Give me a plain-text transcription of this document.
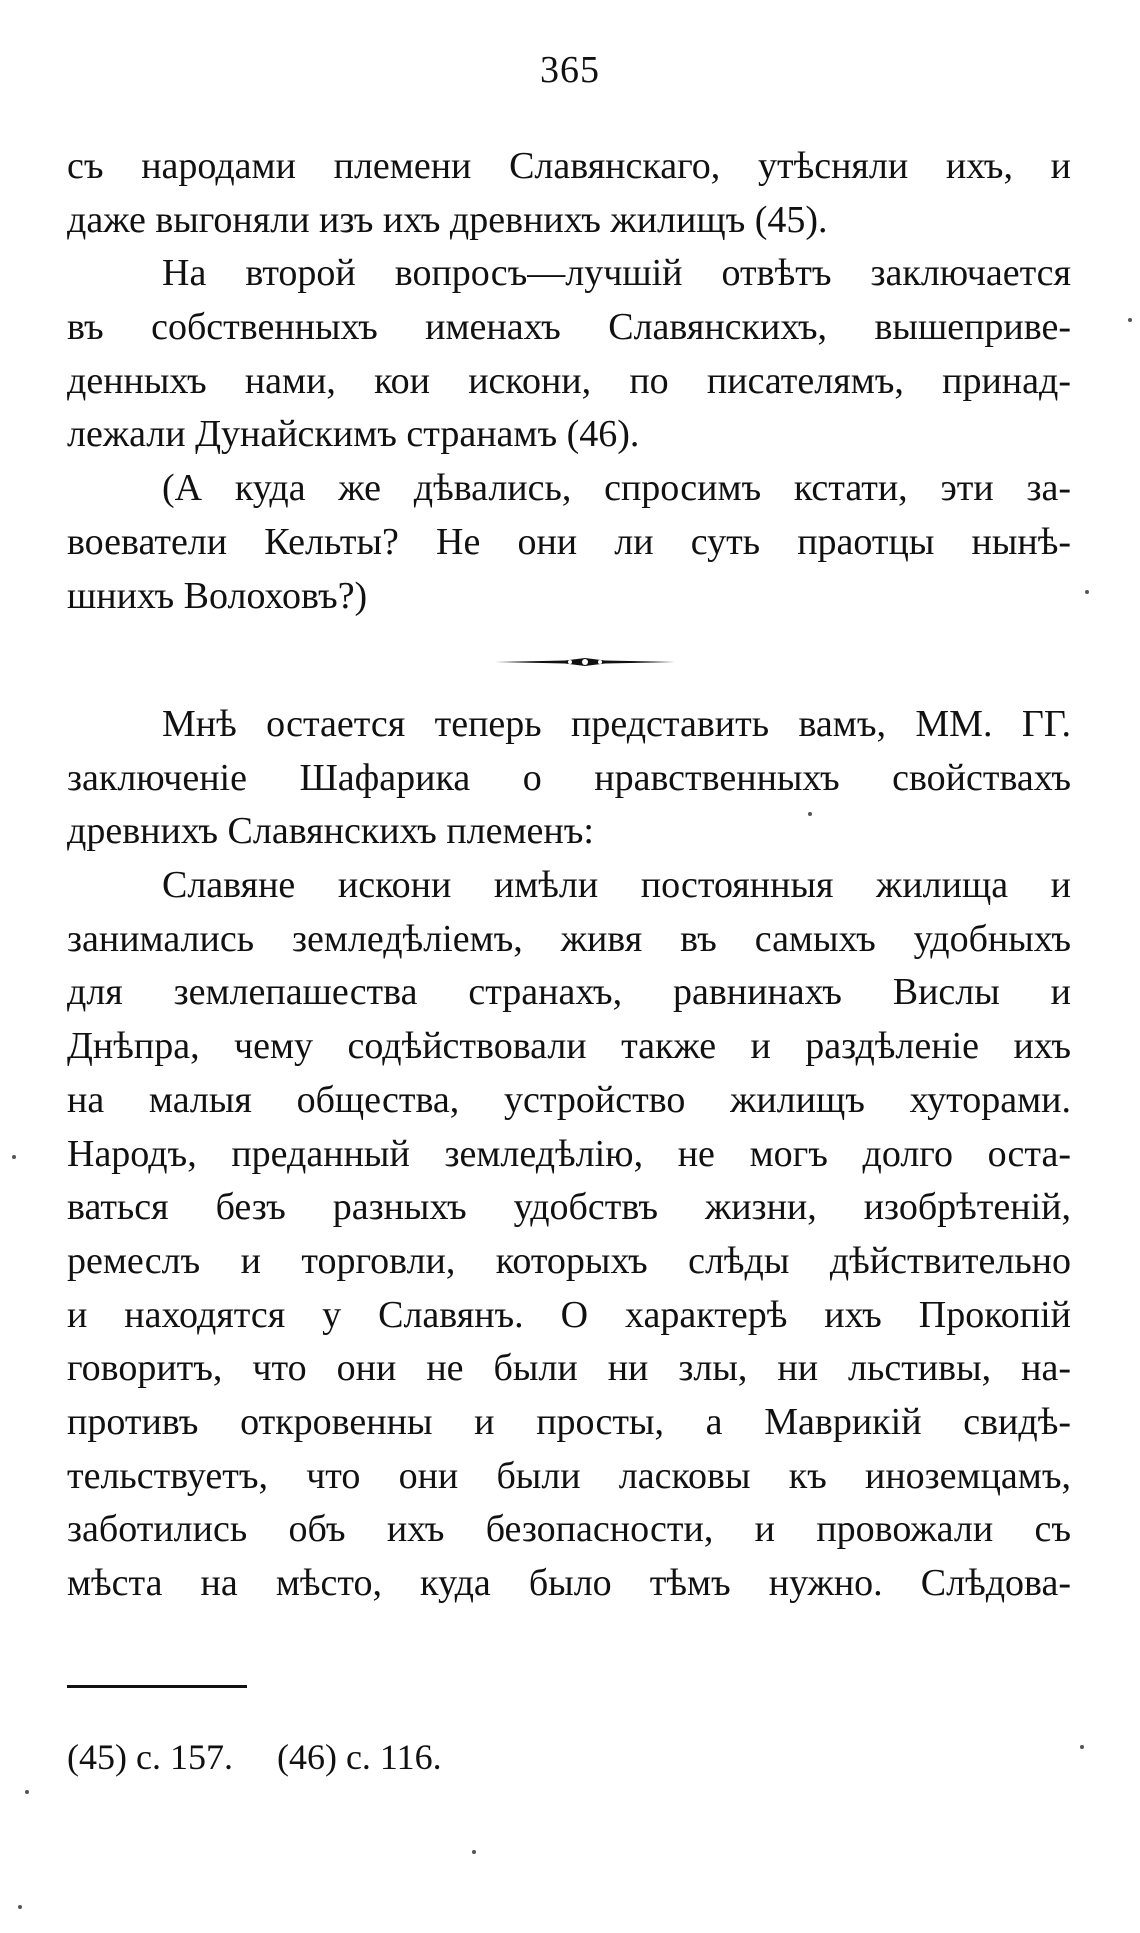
365
съ народами племени Славянскаго, утѣсняли ихъ, и
даже выгоняли изъ ихъ древнихъ жилищъ (45).
На второй вопросъ—лучшій отвѣтъ заключается
въ собственныхъ именахъ Славянскихъ, вышеприве-
денныхъ нами, кои искони, по писателямъ, принад-
лежали Дунайскимъ странамъ (46).
(А куда же дѣвались, спросимъ кстати, эти за-
воеватели Кельты? Не они ли суть праотцы нынѣ-
шнихъ Волоховъ?)
Мнѣ остается теперь представить вамъ, ММ. ГГ.
заключеніе Шафарика о нравственныхъ свойствахъ
древнихъ Славянскихъ племенъ:
Славяне искони имѣли постоянныя жилища и
занимались земледѣліемъ, живя въ самыхъ удобныхъ
для землепашества странахъ, равнинахъ Вислы и
Днѣпра, чему содѣйствовали также и раздѣленіе ихъ
на малыя общества, устройство жилищъ хуторами.
Народъ, преданный земледѣлію, не могъ долго оста-
ваться безъ разныхъ удобствъ жизни, изобрѣтеній,
ремеслъ и торговли, которыхъ слѣды дѣйствительно
и находятся у Славянъ. О характерѣ ихъ Прокопій
говоритъ, что они не были ни злы, ни льстивы, на-
противъ откровенны и просты, а Маврикій свидѣ-
тельствуетъ, что они были ласковы къ иноземцамъ,
заботились объ ихъ безопасности, и провожали съ
мѣста на мѣсто, куда было тѣмъ нужно. Слѣдова-
(45) с. 157. (46) с. 116.
